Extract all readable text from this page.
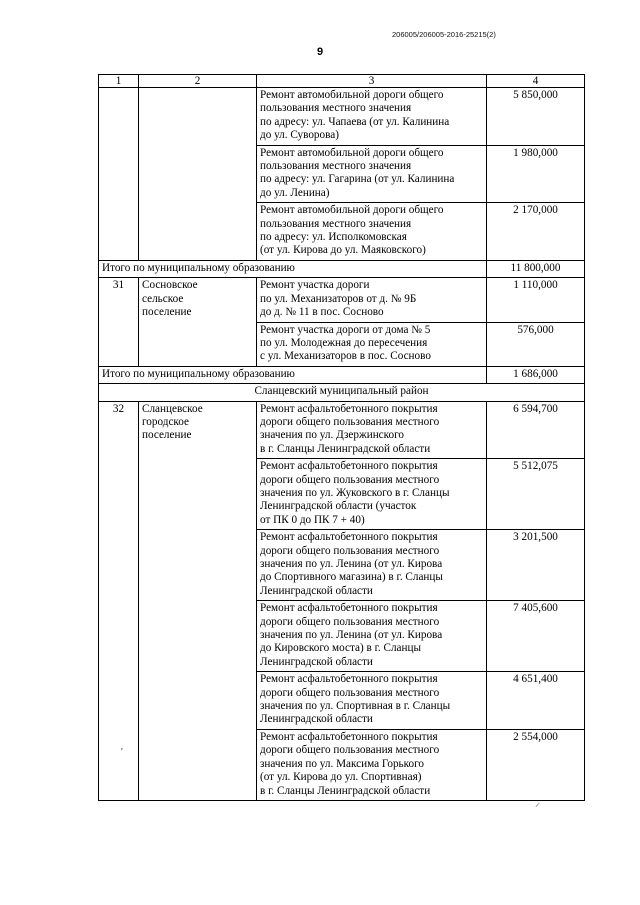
206005/206005-2016-25215(2)
9
1	2	3	4

		Ремонт автомобильной дороги общего
пользования местного значения
по адресу: ул. Чапаева (от ул. Калинина
до ул. Суворова)	5 850,000

		Ремонт автомобильной дороги общего
пользования местного значения
по адресу: ул. Гагарина (от ул. Калинина
до ул. Ленина)	1 980,000

		Ремонт автомобильной дороги общего
пользования местного значения
по адресу: ул. Исполкомовская
(от ул. Кирова до ул. Маяковского)	2 170,000
Итого по муниципальному образованию			11 800,000
31	Сосновское
сельское
поселение	Ремонт участка дороги
по ул. Механизаторов от д. № 9Б
до д. № 11 в пос. Сосново	1 110,000

		Ремонт участка дороги от дома № 5
по ул. Молодежная до пересечения
с ул. Механизаторов в пос. Сосново	576,000
Итого по муниципальному образованию			1 686,000
Сланцевский муниципальный район			
32	Сланцевское
городское
поселение	Ремонт асфальтобетонного покрытия
дороги общего пользования местного
значения по ул. Дзержинского
в г. Сланцы Ленинградской области	6 594,700

		Ремонт асфальтобетонного покрытия
дороги общего пользования местного
значения по ул. Жуковского в г. Сланцы
Ленинградской области (участок
от ПК 0 до ПК 7 + 40)	5 512,075

		Ремонт асфальтобетонного покрытия
дороги общего пользования местного
значения по ул. Ленина (от ул. Кирова
до Спортивного магазина) в г. Сланцы
Ленинградской области	3 201,500

		Ремонт асфальтобетонного покрытия
дороги общего пользования местного
значения по ул. Ленина (от ул. Кирова
до Кировского моста) в г. Сланцы
Ленинградской области	7 405,600

		Ремонт асфальтобетонного покрытия
дороги общего пользования местного
значения по ул. Спортивная в г. Сланцы
Ленинградской области	4 651,400

		Ремонт асфальтобетонного покрытия
дороги общего пользования местного
значения по ул. Максима Горького
(от ул. Кирова до ул. Спортивная)
в г. Сланцы Ленинградской области	2 554,000
'
⸝
